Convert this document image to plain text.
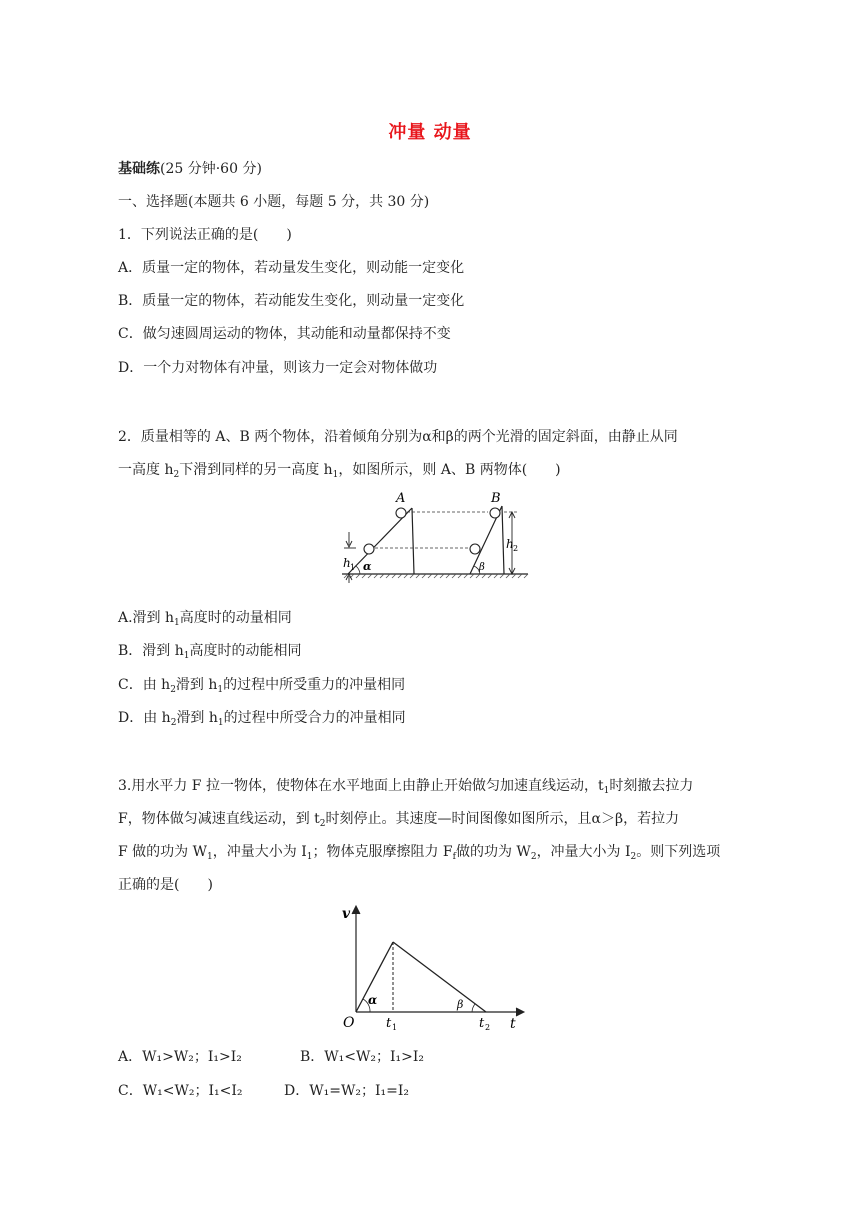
冲量 动量
基础练(25 分钟·60 分)
一、选择题(本题共 6 小题，每题 5 分，共 30 分)
1．下列说法正确的是(　　)
A．质量一定的物体，若动量发生变化，则动能一定变化
B．质量一定的物体，若动能发生变化，则动量一定变化
C．做匀速圆周运动的物体，其动能和动量都保持不变
D．一个力对物体有冲量，则该力一定会对物体做功
2．质量相等的 A、B 两个物体，沿着倾角分别为α和β的两个光滑的固定斜面，由静止从同
一高度 $h_2$下滑到同样的另一高度 $h_1$，如图所示，则 A、B 两物体(　　)
A	B
h 1
h 2
α	β
A.滑到 $h_1$高度时的动量相同
B．滑到 $h_1$高度时的动能相同
C．由 $h_2$滑到 $h_1$的过程中所受重力的冲量相同
D．由 $h_2$滑到 $h_1$的过程中所受合力的冲量相同
3.用水平力 F 拉一物体，使物体在水平地面上由静止开始做匀加速直线运动，$t_1$时刻撤去拉力
F，物体做匀减速直线运动，到 $t_2$时刻停止。其速度—时间图像如图所示，且α＞β，若拉力
F 做的功为 $W_1$，冲量大小为 $I_1$；物体克服摩擦阻力 $F_f$做的功为 $W_2$，冲量大小为 $I_2$。则下列选项
正确的是(　　)
v
t
O t 1	t 2
α	β
A．W₁>W₂；I₁>I₂	B．W₁<W₂；I₁>I₂
C．W₁<W₂；I₁<I₂	D．W₁=W₂；I₁=I₂
